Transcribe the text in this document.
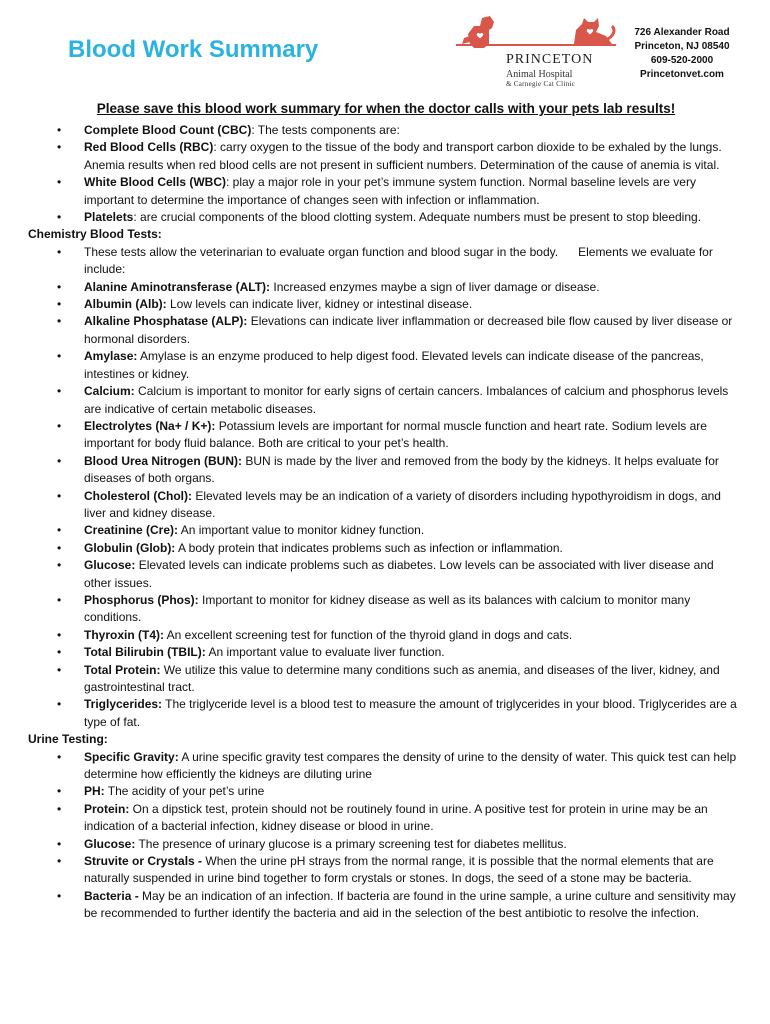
Blood Work Summary	PRINCETON
Animal Hospital
& Carnegie Cat Clinic
726 Alexander Road
Princeton, NJ 08540
609-520-2000
Princetonvet.com

Please save this blood work summary for when the doctor calls with your pets lab results!

• Complete Blood Count (CBC): The tests components are:
• Red Blood Cells (RBC): carry oxygen to the tissue of the body and transport carbon dioxide to be exhaled by the lungs. Anemia results when red blood cells are not present in sufficient numbers. Determination of the cause of anemia is vital.
• White Blood Cells (WBC): play a major role in your pet’s immune system function. Normal baseline levels are very important to determine the importance of changes seen with infection or inflammation.
• Platelets: are crucial components of the blood clotting system. Adequate numbers must be present to stop bleeding.

Chemistry Blood Tests:

• These tests allow the veterinarian to evaluate organ function and blood sugar in the body. Elements we evaluate for include:
• Alanine Aminotransferase (ALT): Increased enzymes maybe a sign of liver damage or disease.
• Albumin (Alb): Low levels can indicate liver, kidney or intestinal disease.
• Alkaline Phosphatase (ALP): Elevations can indicate liver inflammation or decreased bile flow caused by liver disease or hormonal disorders.
• Amylase: Amylase is an enzyme produced to help digest food. Elevated levels can indicate disease of the pancreas, intestines or kidney.
• Calcium: Calcium is important to monitor for early signs of certain cancers. Imbalances of calcium and phosphorus levels are indicative of certain metabolic diseases.
• Electrolytes (Na+ / K+): Potassium levels are important for normal muscle function and heart rate. Sodium levels are important for body fluid balance. Both are critical to your pet’s health.
• Blood Urea Nitrogen (BUN): BUN is made by the liver and removed from the body by the kidneys. It helps evaluate for diseases of both organs.
• Cholesterol (Chol): Elevated levels may be an indication of a variety of disorders including hypothyroidism in dogs, and liver and kidney disease.
• Creatinine (Cre): An important value to monitor kidney function.
• Globulin (Glob): A body protein that indicates problems such as infection or inflammation.
• Glucose: Elevated levels can indicate problems such as diabetes. Low levels can be associated with liver disease and other issues.
• Phosphorus (Phos): Important to monitor for kidney disease as well as its balances with calcium to monitor many conditions.
• Thyroxin (T4): An excellent screening test for function of the thyroid gland in dogs and cats.
• Total Bilirubin (TBIL): An important value to evaluate liver function.
• Total Protein: We utilize this value to determine many conditions such as anemia, and diseases of the liver, kidney, and gastrointestinal tract.
• Triglycerides: The triglyceride level is a blood test to measure the amount of triglycerides in your blood. Triglycerides are a type of fat.

Urine Testing:

• Specific Gravity: A urine specific gravity test compares the density of urine to the density of water. This quick test can help determine how efficiently the kidneys are diluting urine
• PH: The acidity of your pet’s urine
• Protein: On a dipstick test, protein should not be routinely found in urine. A positive test for protein in urine may be an indication of a bacterial infection, kidney disease or blood in urine.
• Glucose: The presence of urinary glucose is a primary screening test for diabetes mellitus.
• Struvite or Crystals - When the urine pH strays from the normal range, it is possible that the normal elements that are naturally suspended in urine bind together to form crystals or stones. In dogs, the seed of a stone may be bacteria.
• Bacteria - May be an indication of an infection. If bacteria are found in the urine sample, a urine culture and sensitivity may be recommended to further identify the bacteria and aid in the selection of the best antibiotic to resolve the infection.
